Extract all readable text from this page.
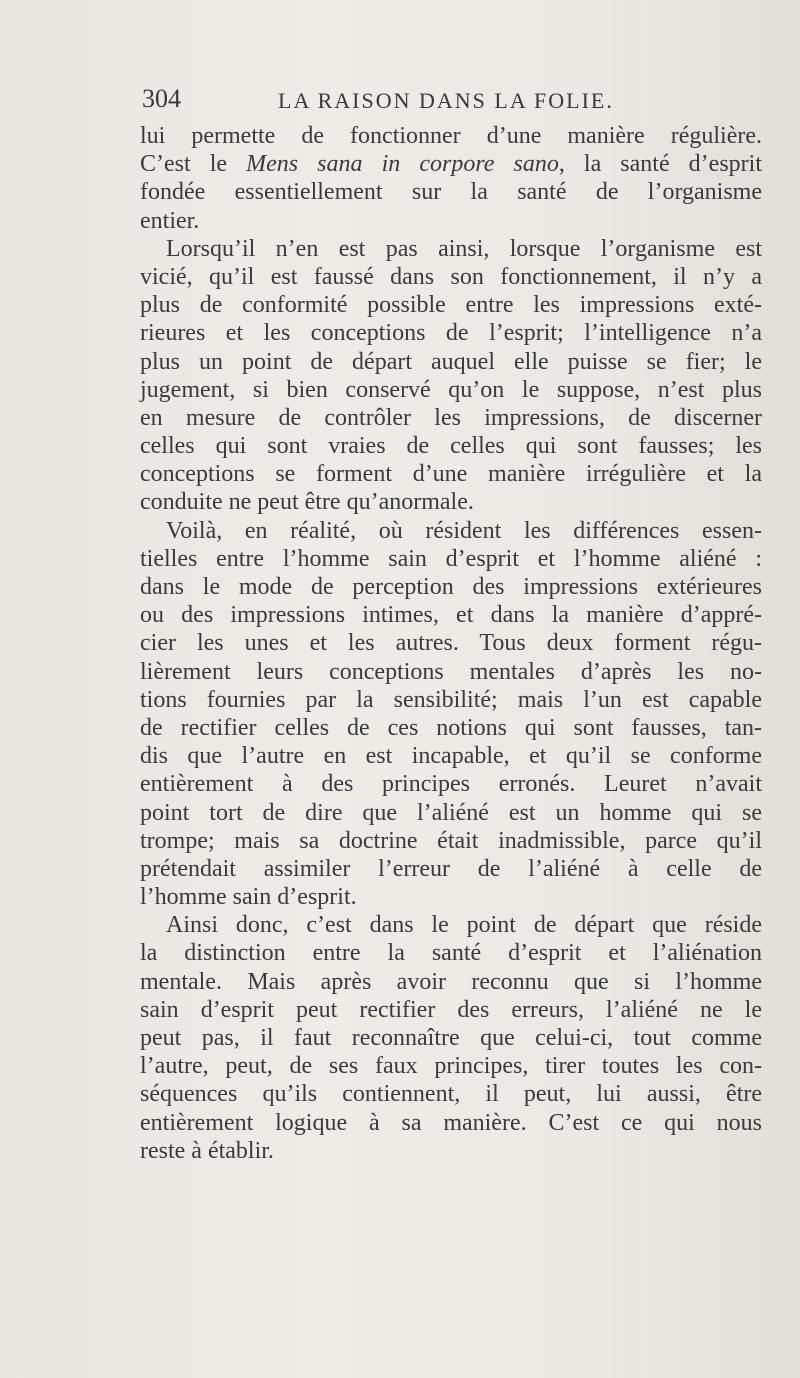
304	LA RAISON DANS LA FOLIE.
lui permette de fonctionner d’une manière régulière.
C’est le Mens sana in corpore sano, la santé d’esprit
fondée essentiellement sur la santé de l’organisme
entier.
Lorsqu’il n’en est pas ainsi, lorsque l’organisme est
vicié, qu’il est faussé dans son fonctionnement, il n’y a
plus de conformité possible entre les impressions exté-
rieures et les conceptions de l’esprit; l’intelligence n’a
plus un point de départ auquel elle puisse se fier; le
jugement, si bien conservé qu’on le suppose, n’est plus
en mesure de contrôler les impressions, de discerner
celles qui sont vraies de celles qui sont fausses; les
conceptions se forment d’une manière irrégulière et la
conduite ne peut être qu’anormale.
Voilà, en réalité, où résident les différences essen-
tielles entre l’homme sain d’esprit et l’homme aliéné :
dans le mode de perception des impressions extérieures
ou des impressions intimes, et dans la manière d’appré-
cier les unes et les autres. Tous deux forment régu-
lièrement leurs conceptions mentales d’après les no-
tions fournies par la sensibilité; mais l’un est capable
de rectifier celles de ces notions qui sont fausses, tan-
dis que l’autre en est incapable, et qu’il se conforme
entièrement à des principes erronés. Leuret n’avait
point tort de dire que l’aliéné est un homme qui se
trompe; mais sa doctrine était inadmissible, parce qu’il
prétendait assimiler l’erreur de l’aliéné à celle de
l’homme sain d’esprit.
Ainsi donc, c’est dans le point de départ que réside
la distinction entre la santé d’esprit et l’aliénation
mentale. Mais après avoir reconnu que si l’homme
sain d’esprit peut rectifier des erreurs, l’aliéné ne le
peut pas, il faut reconnaître que celui-ci, tout comme
l’autre, peut, de ses faux principes, tirer toutes les con-
séquences qu’ils contiennent, il peut, lui aussi, être
entièrement logique à sa manière. C’est ce qui nous
reste à établir.
